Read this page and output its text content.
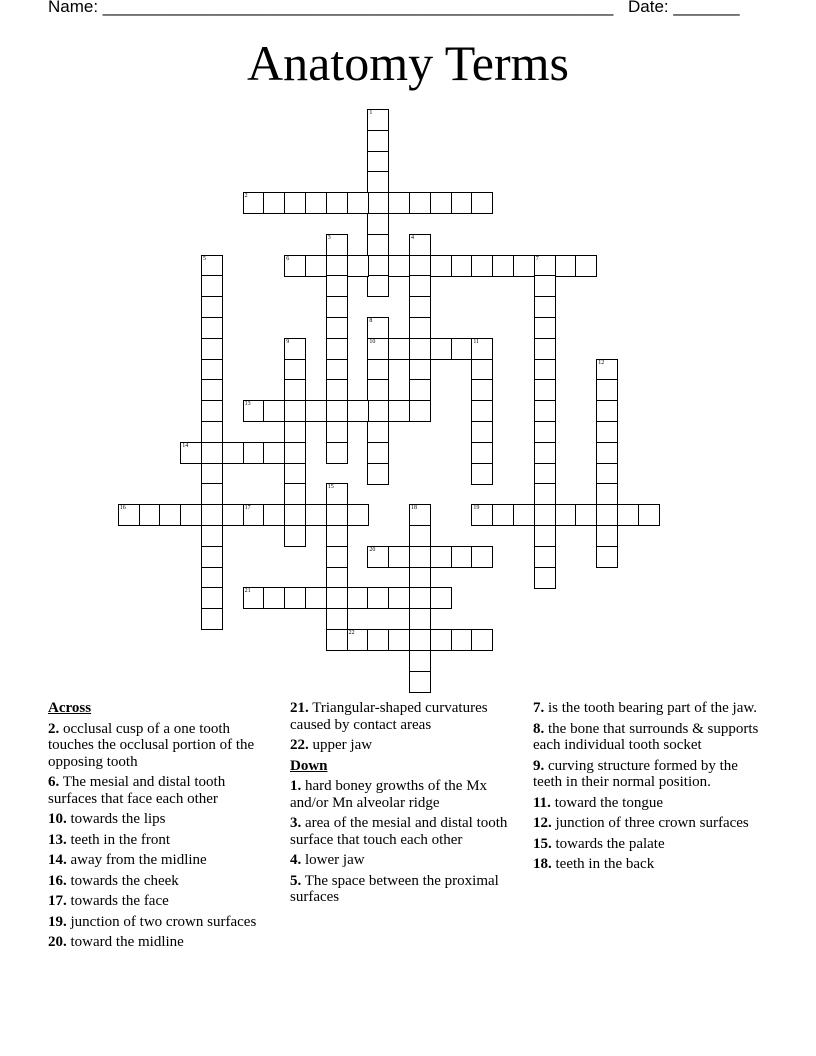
Name: ______________________________________________________ Date: _______
Anatomy Terms
1
2
3	4
5	6	7
8
10
9	11
12
13
14
15
16	17	18	19
20
21
22
Across
2. occlusal cusp of a one tooth touches the occlusal portion of the opposing tooth
6. The mesial and distal tooth surfaces that face each other
10. towards the lips
13. teeth in the front
14. away from the midline
16. towards the cheek
17. towards the face
19. junction of two crown surfaces
20. toward the midline
21. Triangular-shaped curvatures caused by contact areas
22. upper jaw
Down
1. hard boney growths of the Mx and/or Mn alveolar ridge
3. area of the mesial and distal tooth surface that touch each other
4. lower jaw
5. The space between the proximal surfaces
7. is the tooth bearing part of the jaw.
8. the bone that surrounds & supports each individual tooth socket
9. curving structure formed by the teeth in their normal position.
11. toward the tongue
12. junction of three crown surfaces
15. towards the palate
18. teeth in the back
